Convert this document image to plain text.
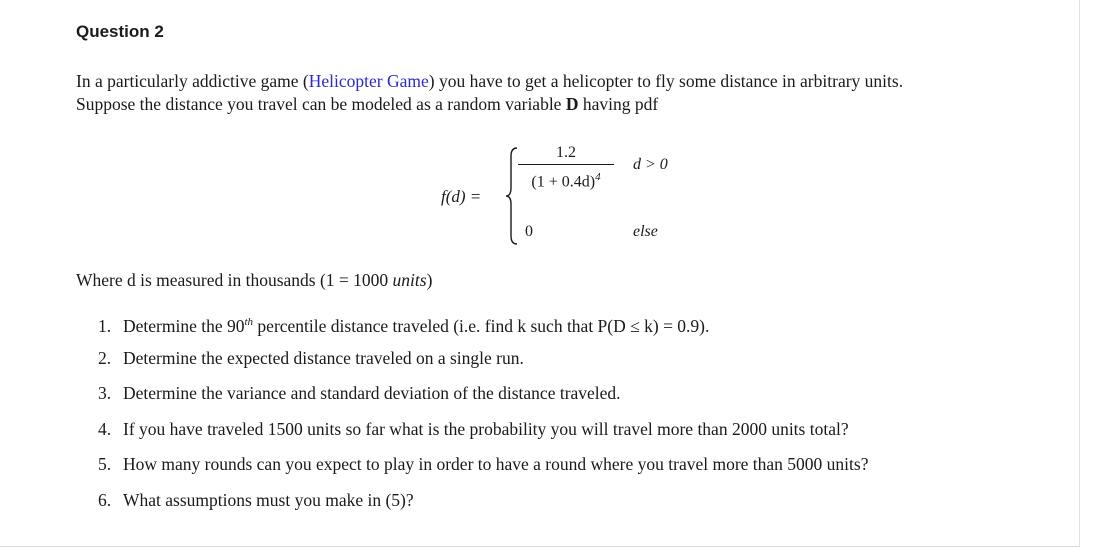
Question 2
In a particularly addictive game (Helicopter Game) you have to get a helicopter to fly some distance in arbitrary units.
Suppose the distance you travel can be modeled as a random variable D having pdf
f(d) =
1.2
$(1 + 0.4d)^4$
d > 0
0	else
Where d is measured in thousands (1 = 1000 units)
1. Determine the 90th percentile distance traveled (i.e. find k such that P(D ≤ k) = 0.9).
2. Determine the expected distance traveled on a single run.
3. Determine the variance and standard deviation of the distance traveled.
4. If you have traveled 1500 units so far what is the probability you will travel more than 2000 units total?
5. How many rounds can you expect to play in order to have a round where you travel more than 5000 units?
6. What assumptions must you make in (5)?
